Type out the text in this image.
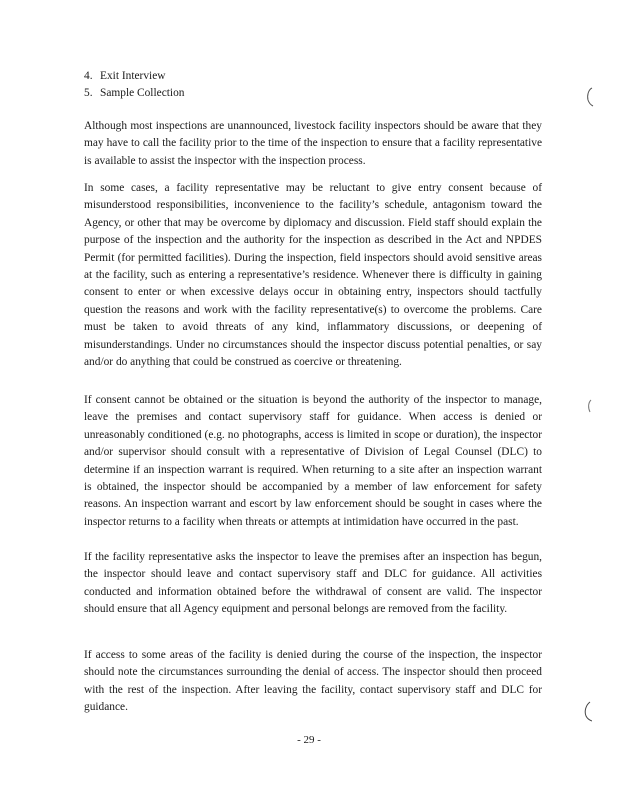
4. Exit Interview
5. Sample Collection

Although most inspections are unannounced, livestock facility inspectors should be aware that they may have to call the facility prior to the time of the inspection to ensure that a facility representative is available to assist the inspector with the inspection process.

In some cases, a facility representative may be reluctant to give entry consent because of misunderstood responsibilities, inconvenience to the facility’s schedule, antagonism toward the Agency, or other that may be overcome by diplomacy and discussion. Field staff should explain the purpose of the inspection and the authority for the inspection as described in the Act and NPDES Permit (for permitted facilities). During the inspection, field inspectors should avoid sensitive areas at the facility, such as entering a representative’s residence. Whenever there is difficulty in gaining consent to enter or when excessive delays occur in obtaining entry, inspectors should tactfully question the reasons and work with the facility representative(s) to overcome the problems. Care must be taken to avoid threats of any kind, inflammatory discussions, or deepening of misunderstandings. Under no circumstances should the inspector discuss potential penalties, or say and/or do anything that could be construed as coercive or threatening.

If consent cannot be obtained or the situation is beyond the authority of the inspector to manage, leave the premises and contact supervisory staff for guidance. When access is denied or unreasonably conditioned (e.g. no photographs, access is limited in scope or duration), the inspector and/or supervisor should consult with a representative of Division of Legal Counsel (DLC) to determine if an inspection warrant is required. When returning to a site after an inspection warrant is obtained, the inspector should be accompanied by a member of law enforcement for safety reasons. An inspection warrant and escort by law enforcement should be sought in cases where the inspector returns to a facility when threats or attempts at intimidation have occurred in the past.

If the facility representative asks the inspector to leave the premises after an inspection has begun, the inspector should leave and contact supervisory staff and DLC for guidance. All activities conducted and information obtained before the withdrawal of consent are valid. The inspector should ensure that all Agency equipment and personal belongs are removed from the facility.

If access to some areas of the facility is denied during the course of the inspection, the inspector should note the circumstances surrounding the denial of access. The inspector should then proceed with the rest of the inspection. After leaving the facility, contact supervisory staff and DLC for guidance.

- 29 -
